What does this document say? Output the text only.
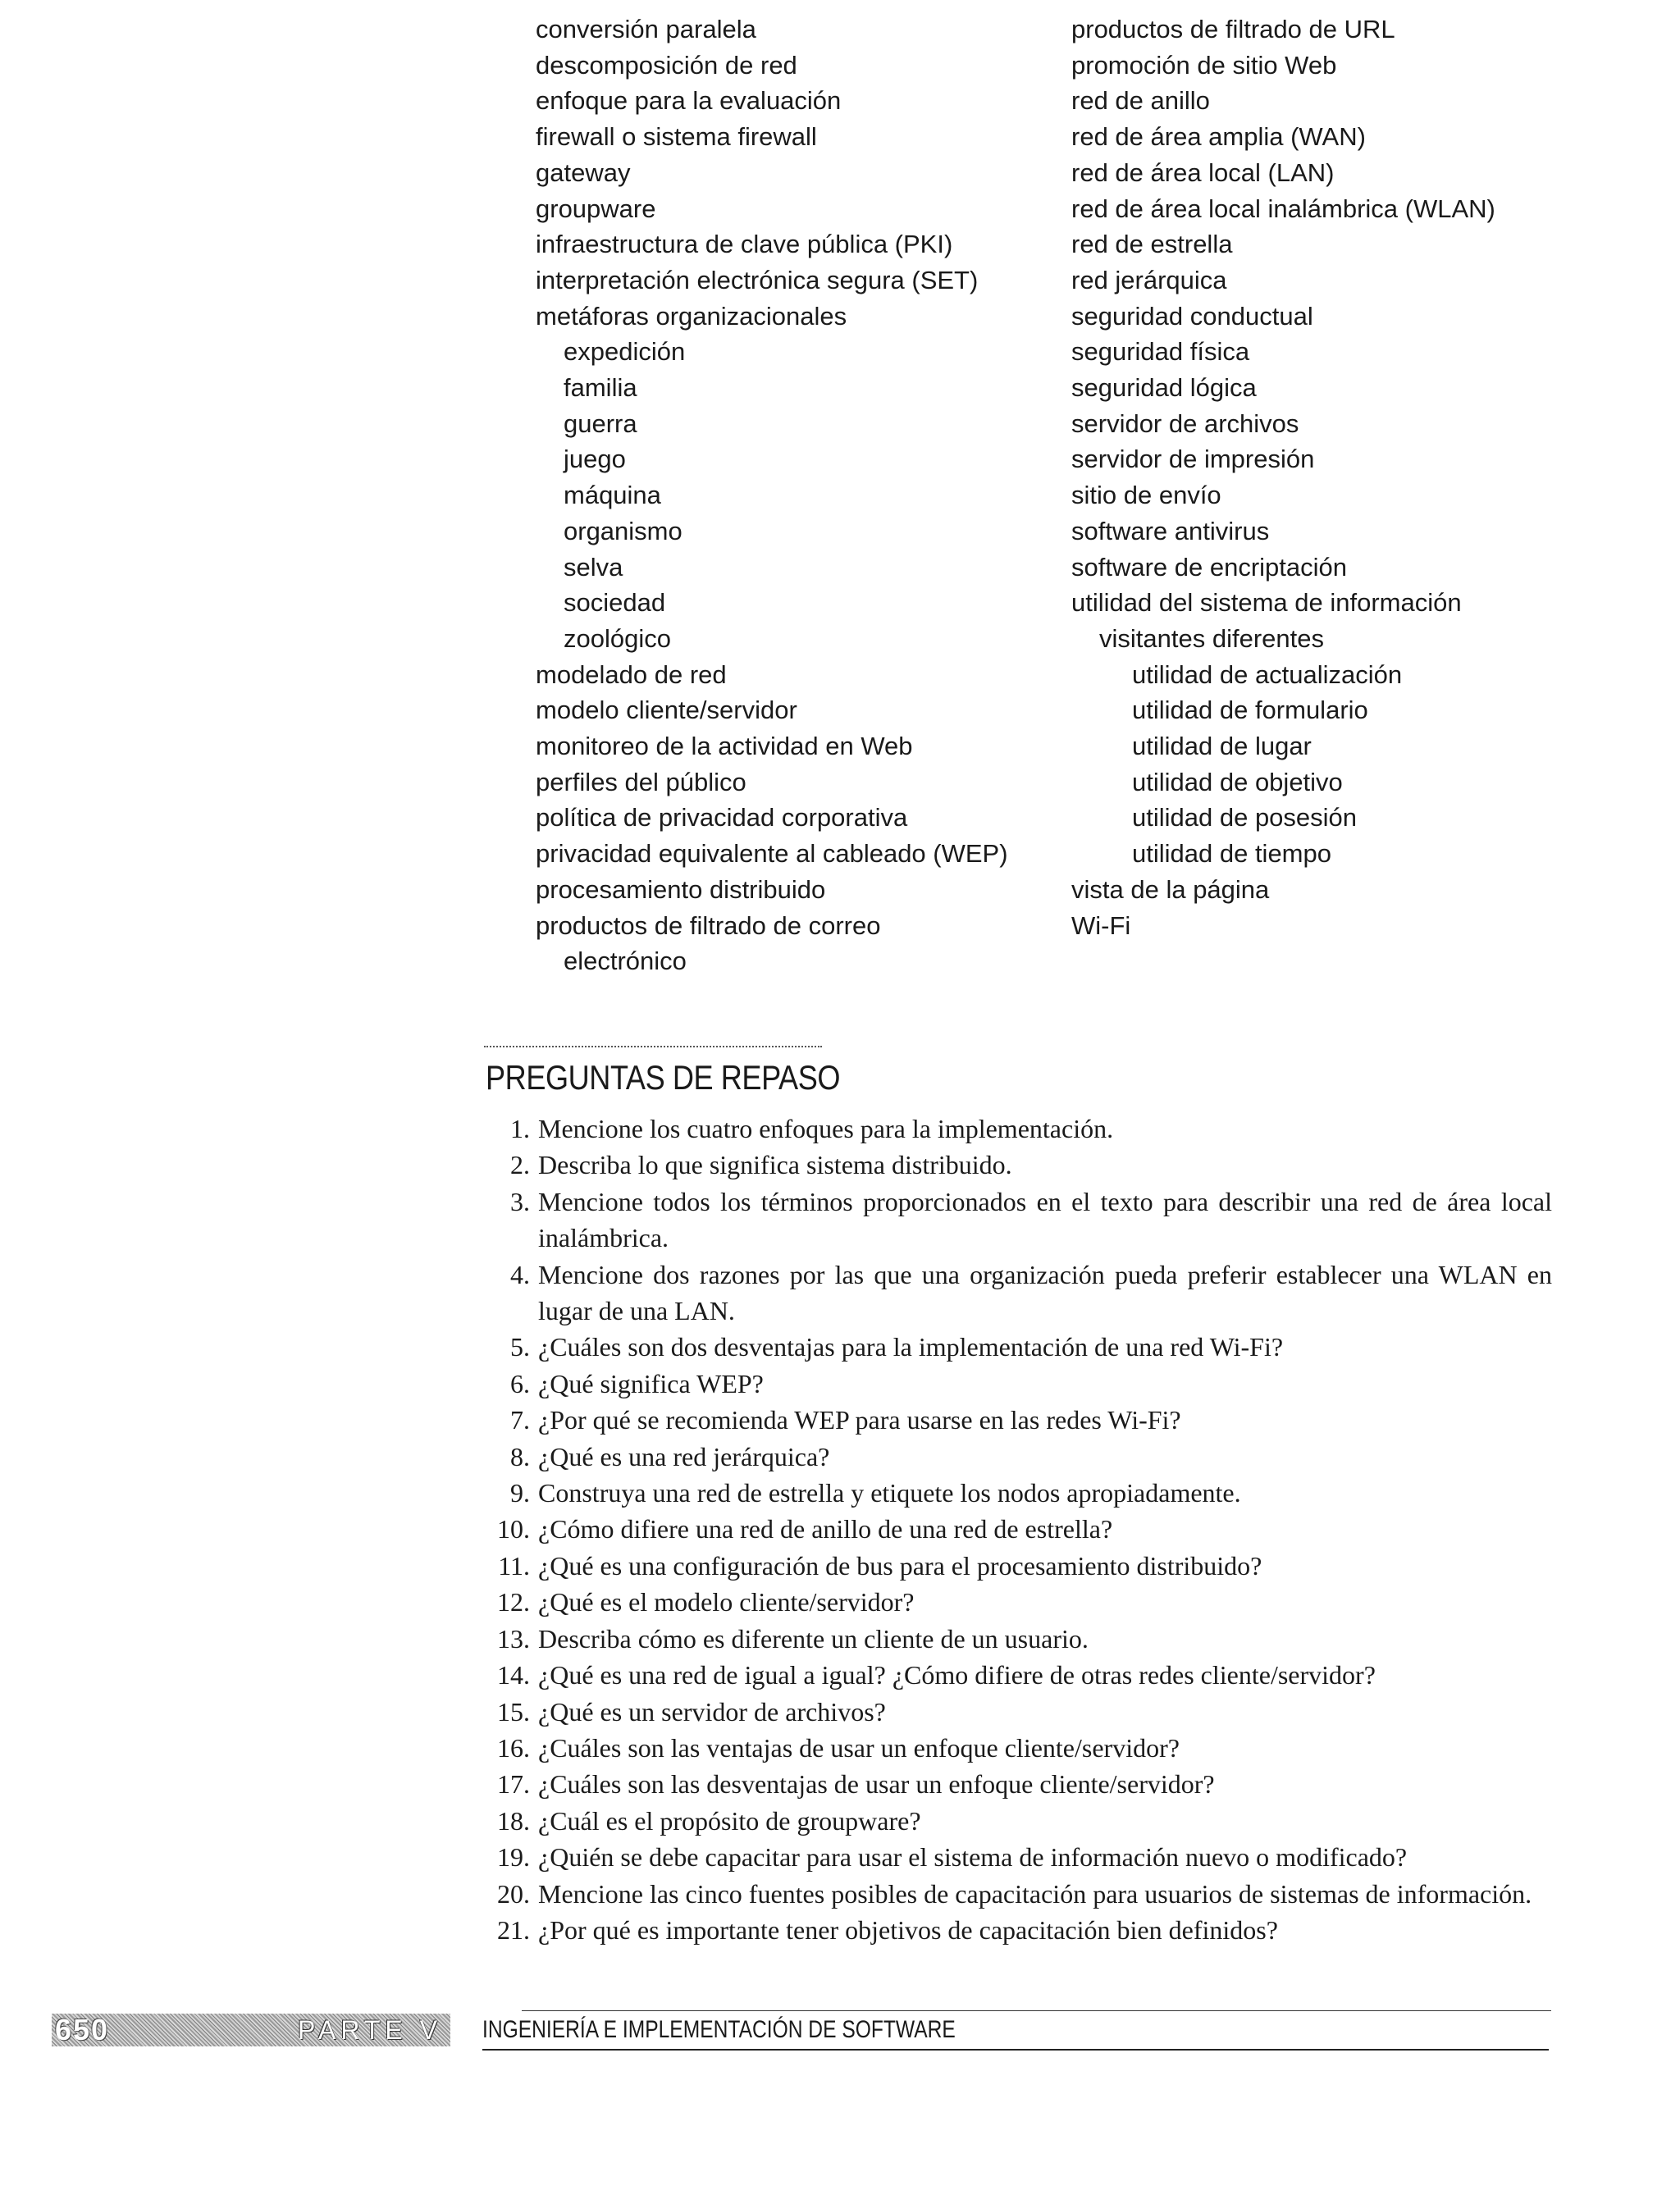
conversión paralela
descomposición de red
enfoque para la evaluación
firewall o sistema firewall
gateway
groupware
infraestructura de clave pública (PKI)
interpretación electrónica segura (SET)
metáforas organizacionales
expedición
familia
guerra
juego
máquina
organismo
selva
sociedad
zoológico
modelado de red
modelo cliente/servidor
monitoreo de la actividad en Web
perfiles del público
política de privacidad corporativa
privacidad equivalente al cableado (WEP)
procesamiento distribuido
productos de filtrado de correo
electrónico
productos de filtrado de URL
promoción de sitio Web
red de anillo
red de área amplia (WAN)
red de área local (LAN)
red de área local inalámbrica (WLAN)
red de estrella
red jerárquica
seguridad conductual
seguridad física
seguridad lógica
servidor de archivos
servidor de impresión
sitio de envío
software antivirus
software de encriptación
utilidad del sistema de información
visitantes diferentes
utilidad de actualización
utilidad de formulario
utilidad de lugar
utilidad de objetivo
utilidad de posesión
utilidad de tiempo
vista de la página
Wi-Fi
PREGUNTAS DE REPASO
1. Mencione los cuatro enfoques para la implementación.
2. Describa lo que significa sistema distribuido.
3. Mencione todos los términos proporcionados en el texto para describir una red de área local inalámbrica.
4. Mencione dos razones por las que una organización pueda preferir establecer una WLAN en lugar de una LAN.
5. ¿Cuáles son dos desventajas para la implementación de una red Wi-Fi?
6. ¿Qué significa WEP?
7. ¿Por qué se recomienda WEP para usarse en las redes Wi-Fi?
8. ¿Qué es una red jerárquica?
9. Construya una red de estrella y etiquete los nodos apropiadamente.
10. ¿Cómo difiere una red de anillo de una red de estrella?
11. ¿Qué es una configuración de bus para el procesamiento distribuido?
12. ¿Qué es el modelo cliente/servidor?
13. Describa cómo es diferente un cliente de un usuario.
14. ¿Qué es una red de igual a igual? ¿Cómo difiere de otras redes cliente/servidor?
15. ¿Qué es un servidor de archivos?
16. ¿Cuáles son las ventajas de usar un enfoque cliente/servidor?
17. ¿Cuáles son las desventajas de usar un enfoque cliente/servidor?
18. ¿Cuál es el propósito de groupware?
19. ¿Quién se debe capacitar para usar el sistema de información nuevo o modificado?
20. Mencione las cinco fuentes posibles de capacitación para usuarios de sistemas de información.
21. ¿Por qué es importante tener objetivos de capacitación bien definidos?
650	PARTE V INGENIERÍA E IMPLEMENTACIÓN DE SOFTWARE
